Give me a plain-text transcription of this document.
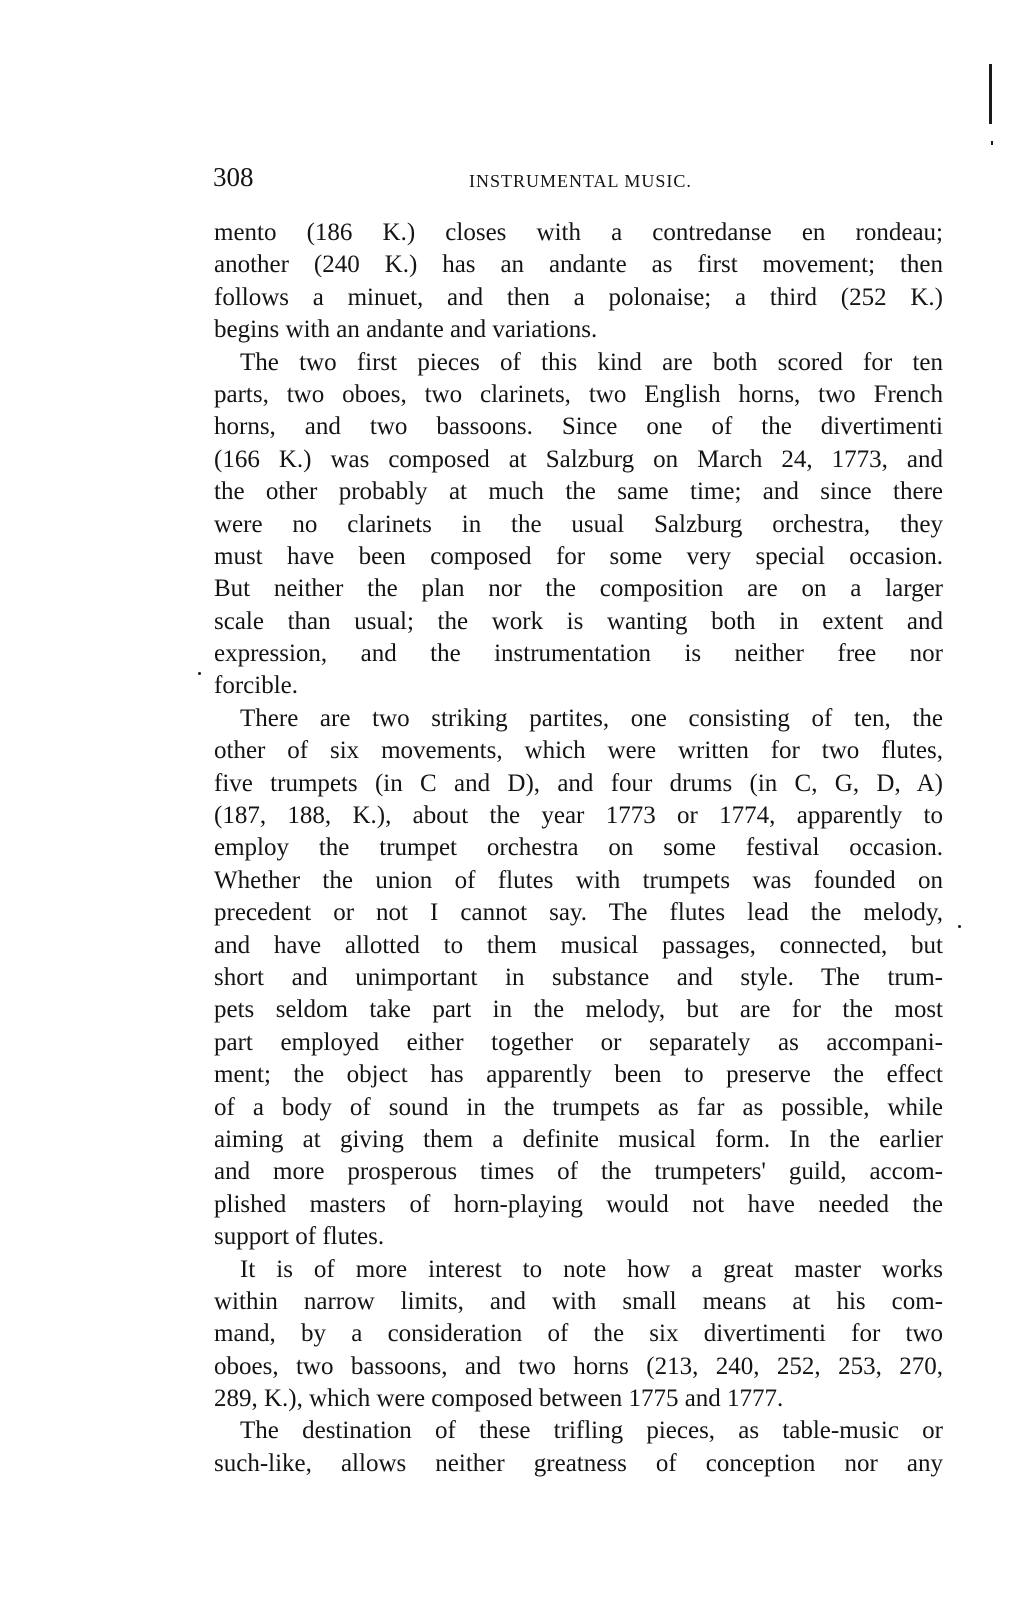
308	INSTRUMENTAL MUSIC.
mento (186 K.) closes with a contredanse en rondeau;
another (240 K.) has an andante as first movement; then
follows a minuet, and then a polonaise; a third (252 K.)
begins with an andante and variations.
The two first pieces of this kind are both scored for ten
parts, two oboes, two clarinets, two English horns, two French
horns, and two bassoons. Since one of the divertimenti
(166 K.) was composed at Salzburg on March 24, 1773, and
the other probably at much the same time; and since there
were no clarinets in the usual Salzburg orchestra, they
must have been composed for some very special occasion.
But neither the plan nor the composition are on a larger
scale than usual; the work is wanting both in extent and
expression, and the instrumentation is neither free nor
forcible.
There are two striking partites, one consisting of ten, the
other of six movements, which were written for two flutes,
five trumpets (in C and D), and four drums (in C, G, D, A)
(187, 188, K.), about the year 1773 or 1774, apparently to
employ the trumpet orchestra on some festival occasion.
Whether the union of flutes with trumpets was founded on
precedent or not I cannot say. The flutes lead the melody,
and have allotted to them musical passages, connected, but
short and unimportant in substance and style. The trum-
pets seldom take part in the melody, but are for the most
part employed either together or separately as accompani-
ment; the object has apparently been to preserve the effect
of a body of sound in the trumpets as far as possible, while
aiming at giving them a definite musical form. In the earlier
and more prosperous times of the trumpeters' guild, accom-
plished masters of horn-playing would not have needed the
support of flutes.
It is of more interest to note how a great master works
within narrow limits, and with small means at his com-
mand, by a consideration of the six divertimenti for two
oboes, two bassoons, and two horns (213, 240, 252, 253, 270,
289, K.), which were composed between 1775 and 1777.
The destination of these trifling pieces, as table-music or
such-like, allows neither greatness of conception nor any
